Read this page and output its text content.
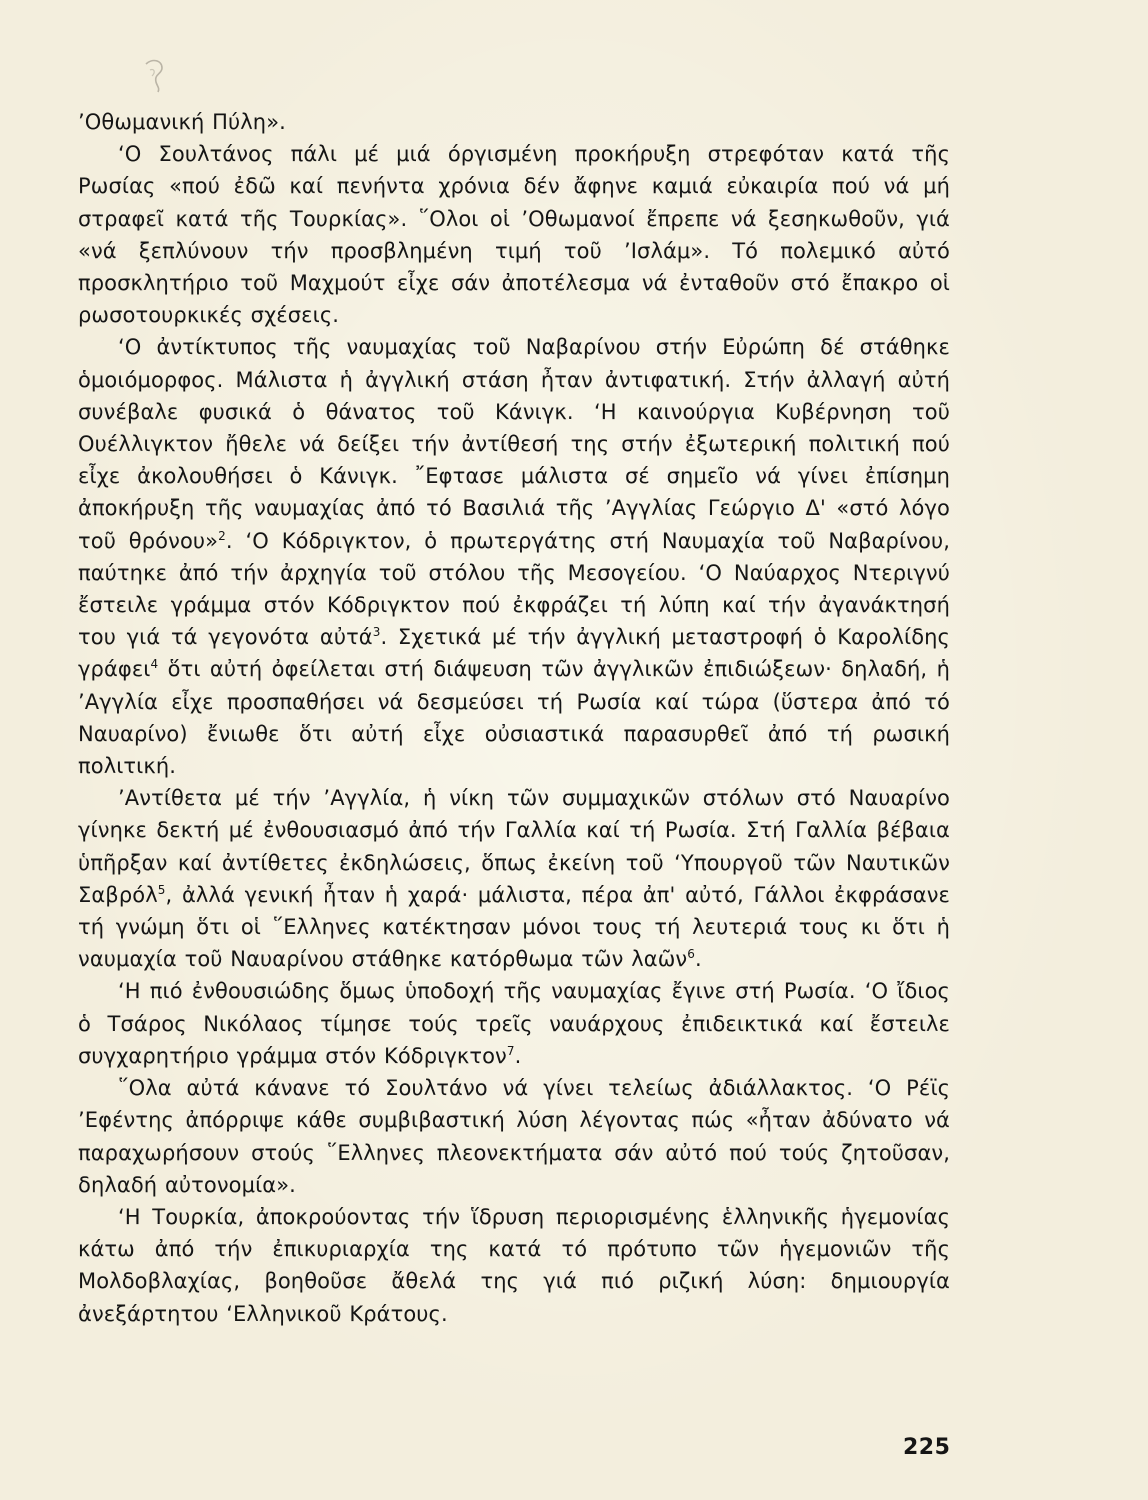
’Οθωμανική Πύλη».

‘Ο Σουλτάνος πάλι μέ μιά όργισμένη προκήρυξη στρεφόταν κατά τῆς Ρωσίας «πού ἐδῶ καί πενήντα χρόνια δέν ἄφηνε καμιά εὐκαιρία πού νά μή στραφεῖ κατά τῆς Τουρκίας». ῞Ολοι οἱ ’Οθωμανοί ἔπρεπε νά ξεσηκωθοῦν, γιά «νά ξεπλύνουν τήν προσβλημένη τιμή τοῦ ’Ισλάμ». Τό πολεμικό αὐτό προσκλητήριο τοῦ Μαχμούτ εἶχε σάν ἀποτέλεσμα νά ἐνταθοῦν στό ἔπακρο οἱ ρωσοτουρκικές σχέσεις.

‘Ο ἀντίκτυπος τῆς ναυμαχίας τοῦ Ναβαρίνου στήν Εὐρώπη δέ στάθηκε ὁμοιόμορφος. Μάλιστα ἡ ἀγγλική στάση ἦταν ἀντιφατική. Στήν ἀλλαγή αὐτή συνέβαλε φυσικά ὁ θάνατος τοῦ Κάνιγκ. ‘Η καινούργια Κυβέρνηση τοῦ Ουέλλιγκτον ἤθελε νά δείξει τήν ἀντίθεσή της στήν ἐξωτερική πολιτική πού εἶχε ἀκολουθήσει ὁ Κάνιγκ. ῎Εφτασε μάλιστα σέ σημεῖο νά γίνει ἐπίσημη ἀποκήρυξη τῆς ναυμαχίας ἀπό τό Βασιλιά τῆς ’Αγγλίας Γεώργιο Δ' «στό λόγο τοῦ θρόνου»$^2$. ‘Ο Κόδριγκτον, ὁ πρωτεργάτης στή Ναυμαχία τοῦ Ναβαρίνου, παύτηκε ἀπό τήν ἀρχηγία τοῦ στόλου τῆς Μεσογείου. ‘Ο Ναύαρχος Ντεριγνύ ἔστειλε γράμμα στόν Κόδριγκτον πού ἐκφράζει τή λύπη καί τήν ἀγανάκτησή του γιά τά γεγονότα αὐτά$^3$. Σχετικά μέ τήν ἀγγλική μεταστροφή ὁ Καρολίδης γράφει$^4$ ὅτι αὐτή ὀφείλεται στή διάψευση τῶν ἀγγλικῶν ἐπιδιώξεων· δηλαδή, ἡ ’Αγγλία εἶχε προσπαθήσει νά δεσμεύσει τή Ρωσία καί τώρα (ὕστερα ἀπό τό Ναυαρίνο) ἔνιωθε ὅτι αὐτή εἶχε οὐσιαστικά παρασυρθεῖ ἀπό τή ρωσική πολιτική.

’Αντίθετα μέ τήν ’Αγγλία, ἡ νίκη τῶν συμμαχικῶν στόλων στό Ναυαρίνο γίνηκε δεκτή μέ ἐνθουσιασμό ἀπό τήν Γαλλία καί τή Ρωσία. Στή Γαλλία βέβαια ὑπῆρξαν καί ἀντίθετες ἐκδηλώσεις, ὅπως ἐκείνη τοῦ ‘Υπουργοῦ τῶν Ναυτικῶν Σαβρόλ$^5$, ἀλλά γενική ἦταν ἡ χαρά· μάλιστα, πέρα ἀπ' αὐτό, Γάλλοι ἐκφράσανε τή γνώμη ὅτι οἱ ῞Ελληνες κατέκτησαν μόνοι τους τή λευτεριά τους κι ὅτι ἡ ναυμαχία τοῦ Ναυαρίνου στάθηκε κατόρθωμα τῶν λαῶν$^6$.

‘Η πιό ἐνθουσιώδης ὅμως ὑποδοχή τῆς ναυμαχίας ἔγινε στή Ρωσία. ‘Ο ἴδιος ὁ Τσάρος Νικόλαος τίμησε τούς τρεῖς ναυάρχους ἐπιδεικτικά καί ἔστειλε συγχαρητήριο γράμμα στόν Κόδριγκτον$^7$.

῞Ολα αὐτά κάνανε τό Σουλτάνο νά γίνει τελείως ἀδιάλλακτος. ‘Ο Ρέϊς ’Εφέντης ἀπόρριψε κάθε συμβιβαστική λύση λέγοντας πώς «ἦταν ἀδύνατο νά παραχωρήσουν στούς ῞Ελληνες πλεονεκτήματα σάν αὐτό πού τούς ζητοῦσαν, δηλαδή αὐτονομία».

‘Η Τουρκία, ἀποκρούοντας τήν ἵδρυση περιορισμένης ἑλληνικῆς ἡγεμονίας κάτω ἀπό τήν ἐπικυριαρχία της κατά τό πρότυπο τῶν ἡγεμονιῶν τῆς Μολδοβλαχίας, βοηθοῦσε ἄθελά της γιά πιό ριζική λύση: δημιουργία ἀνεξάρτητου ‘Ελληνικοῦ Κράτους.

225
